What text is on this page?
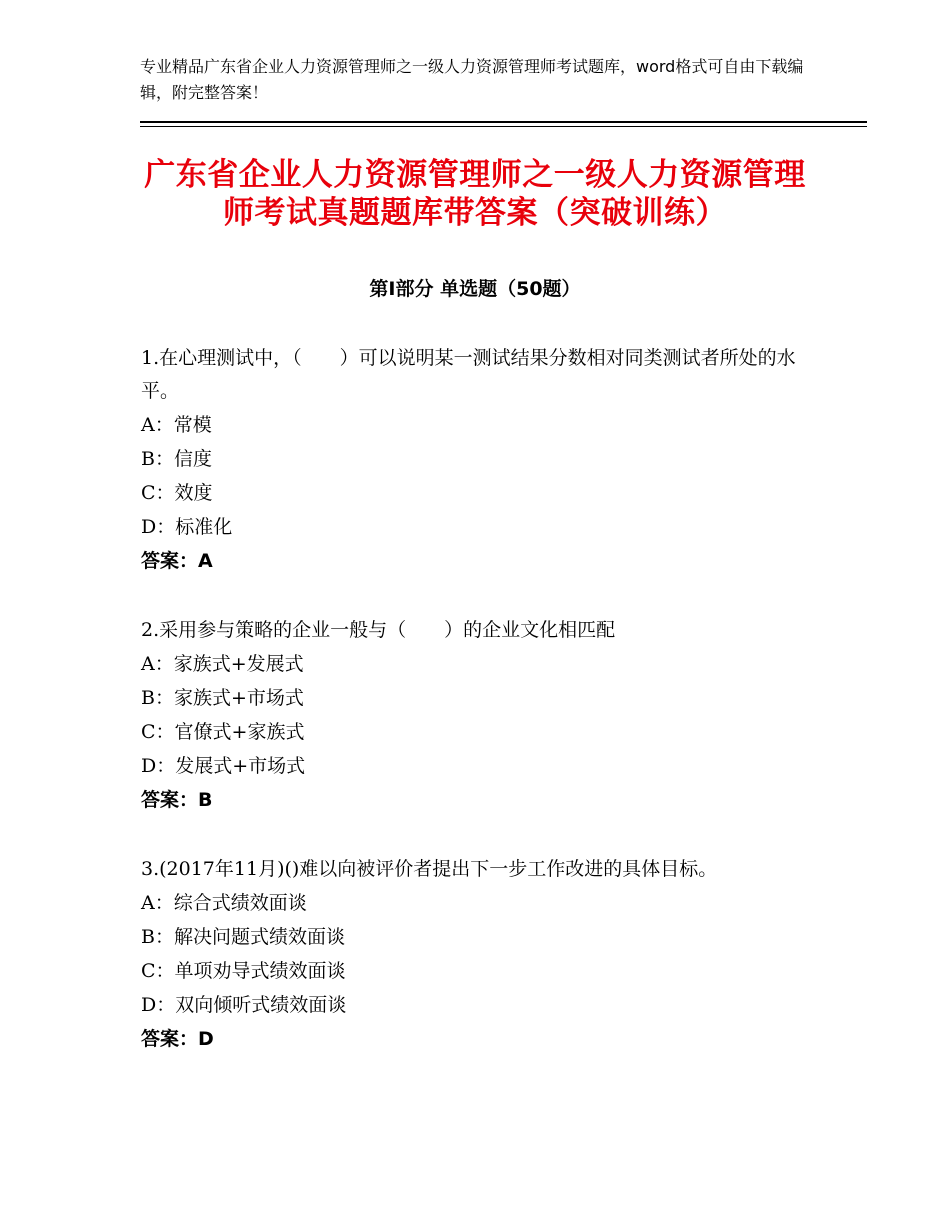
专业精品广东省企业人力资源管理师之一级人力资源管理师考试题库，word格式可自由下载编辑，附完整答案！
广东省企业人力资源管理师之一级人力资源管理师考试真题题库带答案（突破训练）
第Ⅰ部分 单选题（50题）

1.在心理测试中，（　　）可以说明某一测试结果分数相对同类测试者所处的水平。

A：常模

B：信度

C：效度

D：标准化

答案：A

2.采用参与策略的企业一般与（　　）的企业文化相匹配

A：家族式+发展式

B：家族式+市场式

C：官僚式+家族式

D：发展式+市场式

答案：B

3.(2017年11月)()难以向被评价者提出下一步工作改进的具体目标。

A：综合式绩效面谈

B：解决问题式绩效面谈

C：单项劝导式绩效面谈

D：双向倾听式绩效面谈

答案：D
